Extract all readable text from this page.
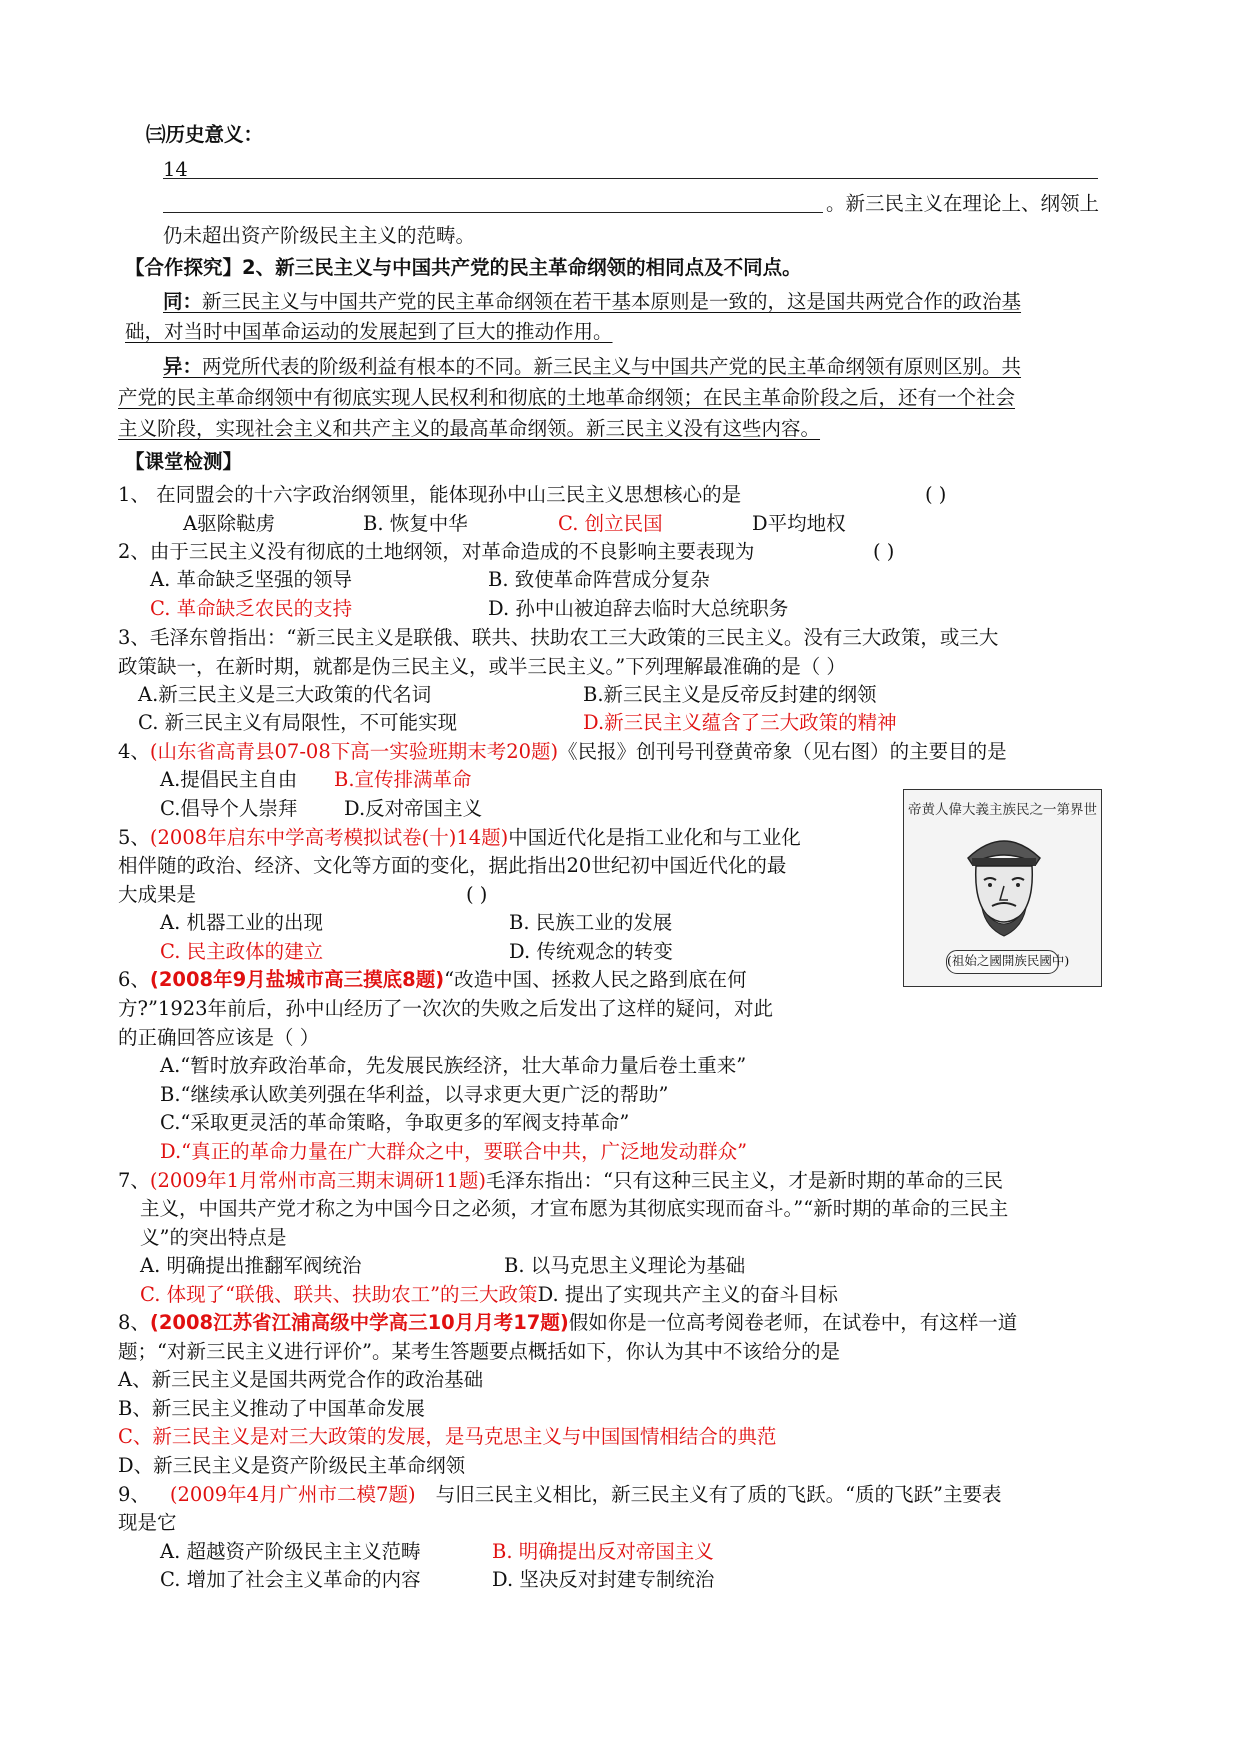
㈢历史意义：
14
。新三民主义在理论上、纲领上
仍未超出资产阶级民主主义的范畴。
【合作探究】2、新三民主义与中国共产党的民主革命纲领的相同点及不同点。
同：新三民主义与中国共产党的民主革命纲领在若干基本原则是一致的，这是国共两党合作的政治基
础，对当时中国革命运动的发展起到了巨大的推动作用。
异：两党所代表的阶级利益有根本的不同。新三民主义与中国共产党的民主革命纲领有原则区别。共
产党的民主革命纲领中有彻底实现人民权利和彻底的土地革命纲领；在民主革命阶段之后，还有一个社会
主义阶段，实现社会主义和共产主义的最高革命纲领。新三民主义没有这些内容。
【课堂检测】
1、 在同盟会的十六字政治纲领里，能体现孙中山三民主义思想核心的是	( )
A驱除鞑虏	B. 恢复中华	C. 创立民国	D平均地权
2、由于三民主义没有彻底的土地纲领，对革命造成的不良影响主要表现为	( )
A. 革命缺乏坚强的领导	B. 致使革命阵营成分复杂
C. 革命缺乏农民的支持	D. 孙中山被迫辞去临时大总统职务
3、毛泽东曾指出：“新三民主义是联俄、联共、扶助农工三大政策的三民主义。没有三大政策，或三大
政策缺一，在新时期，就都是伪三民主义，或半三民主义。”下列理解最准确的是（ ）
A.新三民主义是三大政策的代名词	B.新三民主义是反帝反封建的纲领
C. 新三民主义有局限性，不可能实现	D.新三民主义蕴含了三大政策的精神
4、(山东省高青县07-08下高一实验班期末考20题)《民报》创刊号刊登黄帝象（见右图）的主要目的是
A.提倡民主自由 B.宣传排满革命
C.倡导个人崇拜 D.反对帝国主义	帝黄人偉大義主族民之一第界世
(祖始之國開族民國中)
5、(2008年启东中学高考模拟试卷(十)14题)中国近代化是指工业化和与工业化
相伴随的政治、经济、文化等方面的变化，据此指出20世纪初中国近代化的最
大成果是	( )
A. 机器工业的出现	B. 民族工业的发展
C. 民主政体的建立	D. 传统观念的转变
6、(2008年9月盐城市高三摸底8题)“改造中国、拯救人民之路到底在何
方?”1923年前后，孙中山经历了一次次的失败之后发出了这样的疑问，对此
的正确回答应该是（ ）
A.“暂时放弃政治革命，先发展民族经济，壮大革命力量后卷土重来”
B.“继续承认欧美列强在华利益，以寻求更大更广泛的帮助”
C.“采取更灵活的革命策略，争取更多的军阀支持革命”
D.“真正的革命力量在广大群众之中，要联合中共，广泛地发动群众”
7、(2009年1月常州市高三期末调研11题)毛泽东指出：“只有这种三民主义，才是新时期的革命的三民
主义，中国共产党才称之为中国今日之必须，才宣布愿为其彻底实现而奋斗。”“新时期的革命的三民主
义”的突出特点是
A. 明确提出推翻军阀统治	B. 以马克思主义理论为基础
C. 体现了“联俄、联共、扶助农工”的三大政策D. 提出了实现共产主义的奋斗目标
8、(2008江苏省江浦高级中学高三10月月考17题)假如你是一位高考阅卷老师，在试卷中，有这样一道
题；“对新三民主义进行评价”。某考生答题要点概括如下，你认为其中不该给分的是
A、新三民主义是国共两党合作的政治基础
B、新三民主义推动了中国革命发展
C、新三民主义是对三大政策的发展，是马克思主义与中国国情相结合的典范
D、新三民主义是资产阶级民主革命纲领
9、 (2009年4月广州市二模7题) 与旧三民主义相比，新三民主义有了质的飞跃。“质的飞跃”主要表
现是它
A. 超越资产阶级民主主义范畴	B. 明确提出反对帝国主义
C. 增加了社会主义革命的内容	D. 坚决反对封建专制统治
